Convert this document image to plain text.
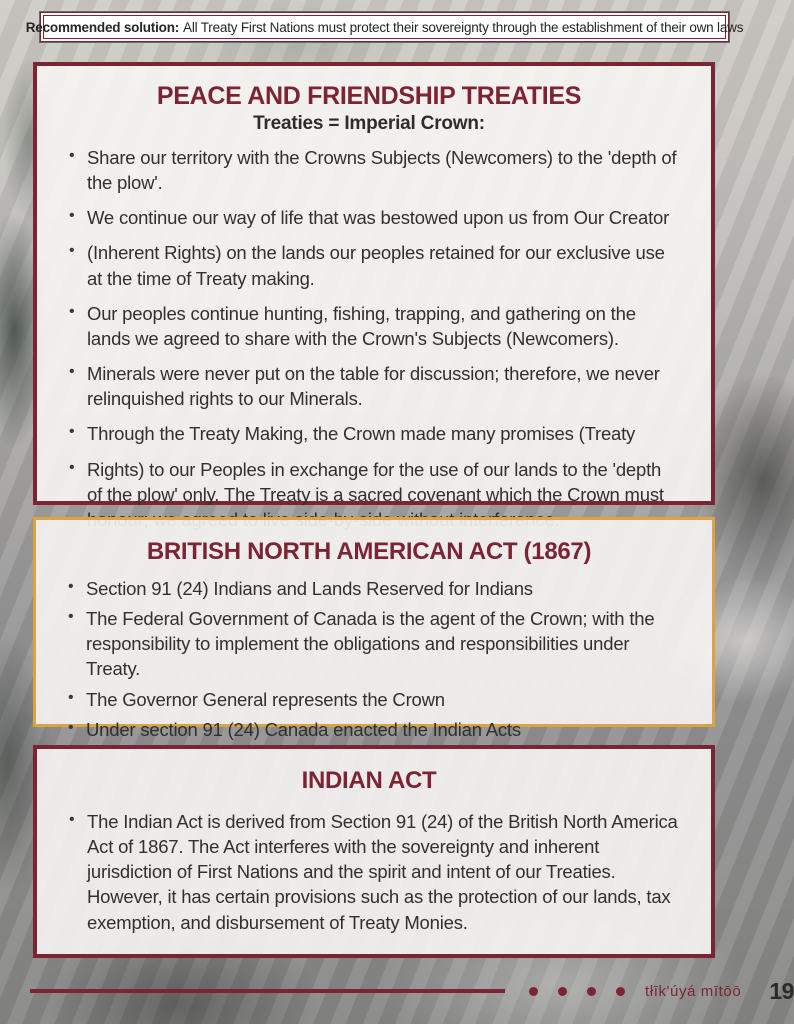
Recommended solution: All Treaty First Nations must protect their sovereignty through the establishment of their own laws
PEACE AND FRIENDSHIP TREATIES
Treaties = Imperial Crown:
• Share our territory with the Crowns Subjects (Newcomers) to the 'depth of the plow'.
• We continue our way of life that was bestowed upon us from Our Creator
• (Inherent Rights) on the lands our peoples retained for our exclusive use at the time of Treaty making.
• Our peoples continue hunting, fishing, trapping, and gathering on the lands we agreed to share with the Crown's Subjects (Newcomers).
• Minerals were never put on the table for discussion; therefore, we never relinquished rights to our Minerals.
• Through the Treaty Making, the Crown made many promises (Treaty
• Rights) to our Peoples in exchange for the use of our lands to the 'depth of the plow' only. The Treaty is a sacred covenant which the Crown must
BRITISH NORTH AMERICAN ACT (1867)
• Section 91 (24) Indians and Lands Reserved for Indians
• The Federal Government of Canada is the agent of the Crown; with the responsibility to implement the obligations and responsibilities under Treaty.
• The Governor General represents the Crown
• Under section 91 (24) Canada enacted the Indian Acts
INDIAN ACT
• The Indian Act is derived from Section 91 (24) of the British North America Act of 1867. The Act interferes with the sovereignty and inherent jurisdiction of First Nations and the spirit and intent of our Treaties. However, it has certain provisions such as the protection of our lands, tax exemption, and disbursement of Treaty Monies.
tłīk'úyá mītōō 19
